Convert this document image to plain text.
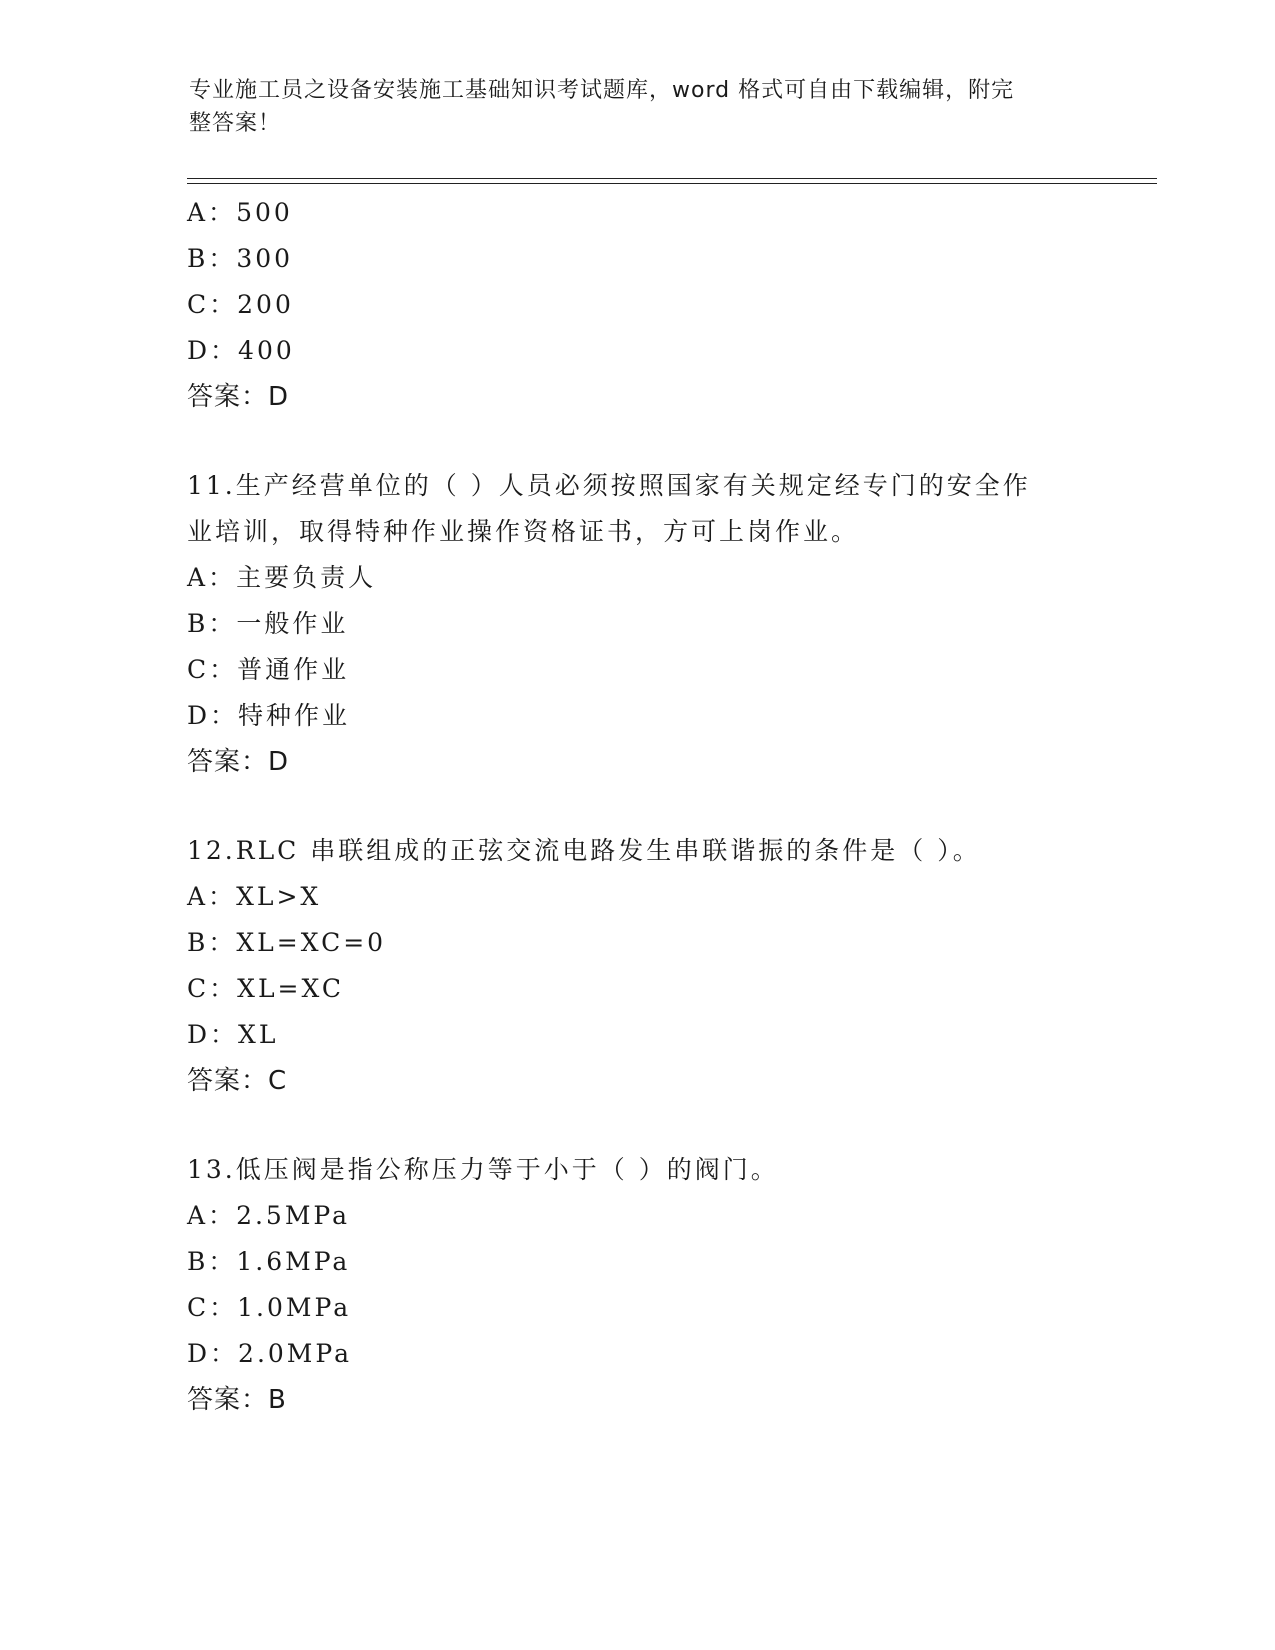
专业施工员之设备安装施工基础知识考试题库，word 格式可自由下载编辑，附完
整答案！
A：500
B：300
C：200
D：400
答案：D
11.生产经营单位的（ ）人员必须按照国家有关规定经专门的安全作
业培训，取得特种作业操作资格证书，方可上岗作业。
A：主要负责人
B：一般作业
C：普通作业
D：特种作业
答案：D
12.RLC 串联组成的正弦交流电路发生串联谐振的条件是（ ）。
A：XL>X
B：XL=XC=0
C：XL=XC
D：XL
答案：C
13.低压阀是指公称压力等于小于（ ）的阀门。
A：2.5MPa
B：1.6MPa
C：1.0MPa
D：2.0MPa
答案：B
